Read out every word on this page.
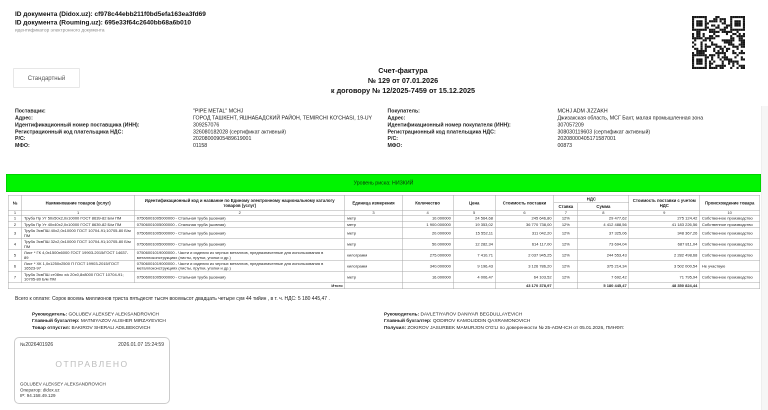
ID документа (Didox.uz): cf978c44ebb211f0bd5efa163ea3fd69
ID документа (Rouming.uz): 695e33f64c2640bb68a6b010
идентификатор электронного документа
Стандартный
Счет-фактура
№ 129 от 07.01.2026
к договору № 12/2025-7459 от 15.12.2025
Поставщик:	"PIPE METAL" MCHJ
Адрес:	ГОРОД ТАШКЕНТ, ЯШНАБАДСКИЙ РАЙОН, TEMIRCHI KO'CHASI, 19-UY
Идентификационный номер поставщика (ИНН):	309257076
Регистрационный код плательщика НДС:	326080182028 (сертификат активный)
Р/С:	20208000905489619001
МФО:	01158
Покупатель:	MCHJ ADM JIZZAKH
Адрес:	Джизакская область, МСГ Бахт, малая промышленная зона
Идентификационный номер покупателя (ИНН):	307057209
Регистрационный код плательщика НДС:	308030119603 (сертификат активный)
Р/С:	20208000405171587001
МФО:	00873
Уровень риска: НИЗКИЙ
№	Наименование товаров (услуг)	Идентификационный код и название по Единому электронному национальному каталогу товаров (услуг)	Единица измерения	Количество	Цена	Стоимость поставки	НДС		Стоимость поставки с учетом НДС	Происхождение товара
							Ставка	Сумма		
1	1	2	3	4	5	6	7	8	9	10
1	Труба Пр Ут 50х50х2,0х10000 ГОСТ 8639-82 Б/м ПМ	07506001005000000 - Стальная труба (шовная)	метр	10.000000	24 564,68	245 646,80	12%	29 477,62	275 124,42	Собственное производство
2	Труба Пр Ут 40х40х2,0х10000 ГОСТ 8639-82 Б/м ПМ	07506001005000000 - Стальная труба (шовная)	метр	1 900.000000	19 353,02	36 770 738,00	12%	4 412 488,56	41 183 226,56	Собственное производство
3	Труба ЭсвПШ 40х2,0х10000 ГОСТ 10704-91;10705-80 Б/м ПМ	07506001005000000 - Стальная труба (шовная)	метр	20.000000	15 552,11	311 042,20	12%	37 325,06	348 367,26	Собственное производство
4	Труба ЭсвПШ 32х2,0х10000 ГОСТ 10704-91;10705-80 Б/м ПМ	07506001005000000 - Стальная труба (шовная)	метр	50.000000	12 282,34	614 117,00	12%	73 694,04	687 811,04	Собственное производство
5	Лист * ГК 4,0х1500х6000 ГОСТ 19903-2015/ГОСТ 14637-89	07506001019000000 - Части и изделия из черных металлов, предназначенные для использования в металлоконструкциях (листы, прутки, уголки и др.)	килограмм	275.000000	7 410,71	2 037 945,25	12%	244 553,43	2 282 498,68	Собственное производство
6	Лист * ХК 1,0х1250х2500 П ГОСТ 19903-2015/ГОСТ 16523-97	07506001019000000 - Части и изделия из черных металлов, предназначенные для использования в металлоконструкциях (листы, прутки, уголки и др.)	килограмм	340.000000	9 196,43	3 126 786,20	12%	375 214,34	3 502 000,54	Не участвую
7	Труба ЭсвПШ ст08пс х/к 20х0,8х8000 ГОСТ 10704-91; 10705-80 Б/м ПМ	07506001005000000 - Стальная труба (шовная)	метр	16.000000	4 006,47	64 103,52	12%	7 692,42	71 795,94	Собственное производство
Итого						43 170 378,97		5 180 445,47	48 350 824,44	
Всего к оплате: Сорок восемь миллионов триста пятьдесят тысяч восемьсот двадцать четыре сум 44 тийин , в т. ч. НДС: 5 180 445,47 .
Руководитель: GOLUBEV ALEKSEY ALEKSANDROVICH
Главный бухгалтер: MATNIYAZOV ALISHER MIRZAYEVICH
Товар отпустил: BAKIROV SHERALI ADILBEKOVICH
Руководитель: DAVLETIYAROV DANIYAR BEGDULLAYEVICH
Главный бухгалтер: QODIROV KAMOLIDDIN QAXRAMONOVICH
Получил: ZOKIROV JASURBEK MAMURJON O'G'LI по доверенности № 25-ADM-ICH от 05.01.2026, ПИНФЛ:
№2026401926	2026.01.07 15:24:59
ОТПРАВЛЕНО
GOLUBEV ALEKSEY ALEKSANDROVICH
Оператор: didox.uz
IP: 94.158.49.129
